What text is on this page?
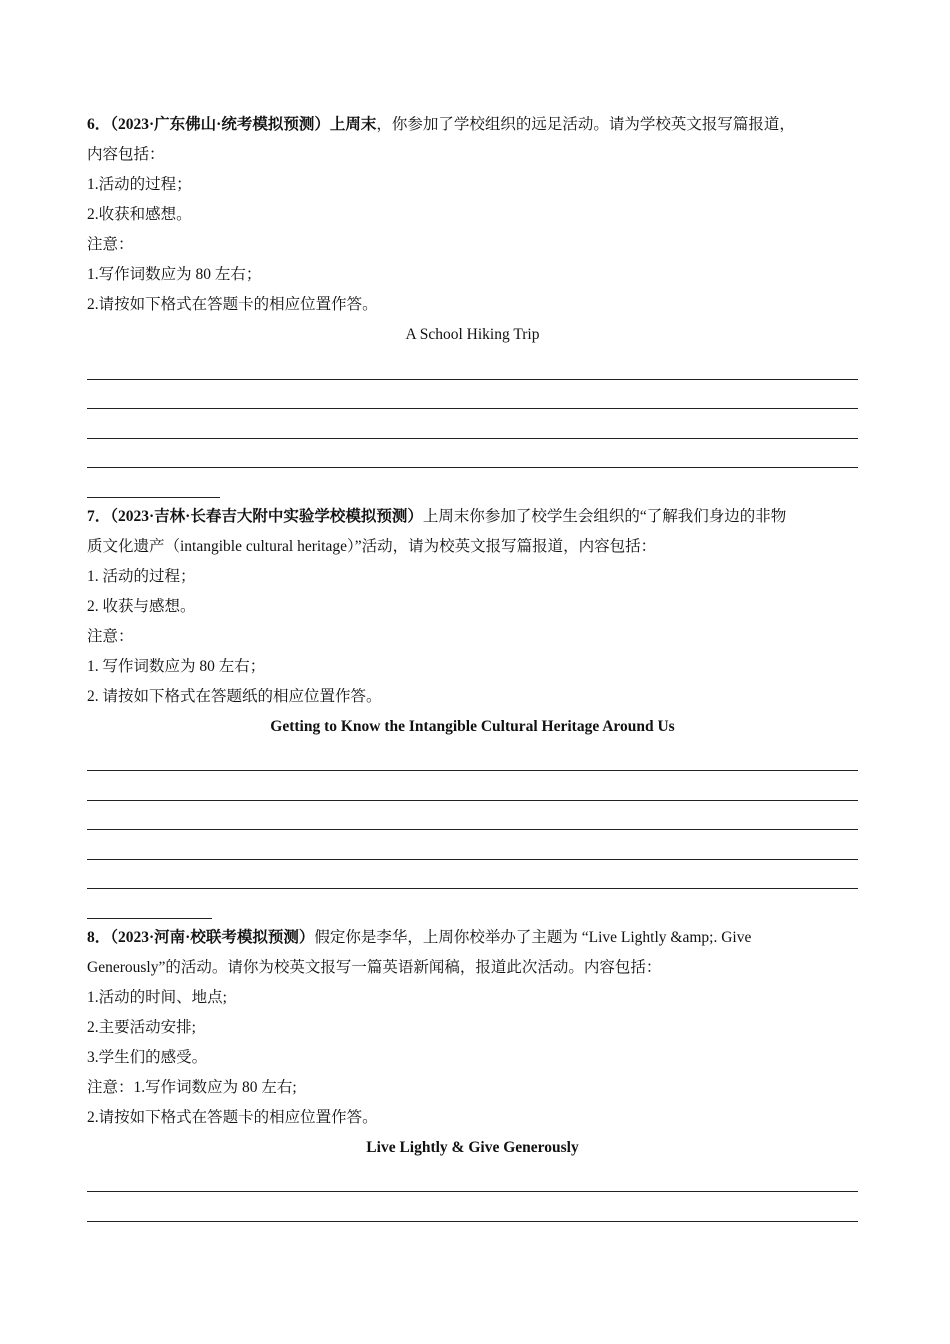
6．（2023·广东佛山·统考模拟预测）上周末，你参加了学校组织的远足活动。请为学校英文报写篇报道，

内容包括：

1.活动的过程；

2.收获和感想。

注意：

1.写作词数应为 80 左右；

2.请按如下格式在答题卡的相应位置作答。

A School Hiking Trip

7．（2023·吉林·长春吉大附中实验学校模拟预测）上周末你参加了校学生会组织的“了解我们身边的非物

质文化遗产（intangible cultural heritage）”活动，请为校英文报写篇报道，内容包括：

1. 活动的过程；

2. 收获与感想。

注意：

1. 写作词数应为 80 左右；

2. 请按如下格式在答题纸的相应位置作答。

Getting to Know the Intangible Cultural Heritage Around Us

8．（2023·河南·校联考模拟预测）假定你是李华，上周你校举办了主题为 “Live Lightly &amp;. Give

Generously”的活动。请你为校英文报写一篇英语新闻稿，报道此次活动。内容包括：

1.活动的时间、地点;

2.主要活动安排;

3.学生们的感受。

注意：1.写作词数应为 80 左右;

2.请按如下格式在答题卡的相应位置作答。

Live Lightly & Give Generously
